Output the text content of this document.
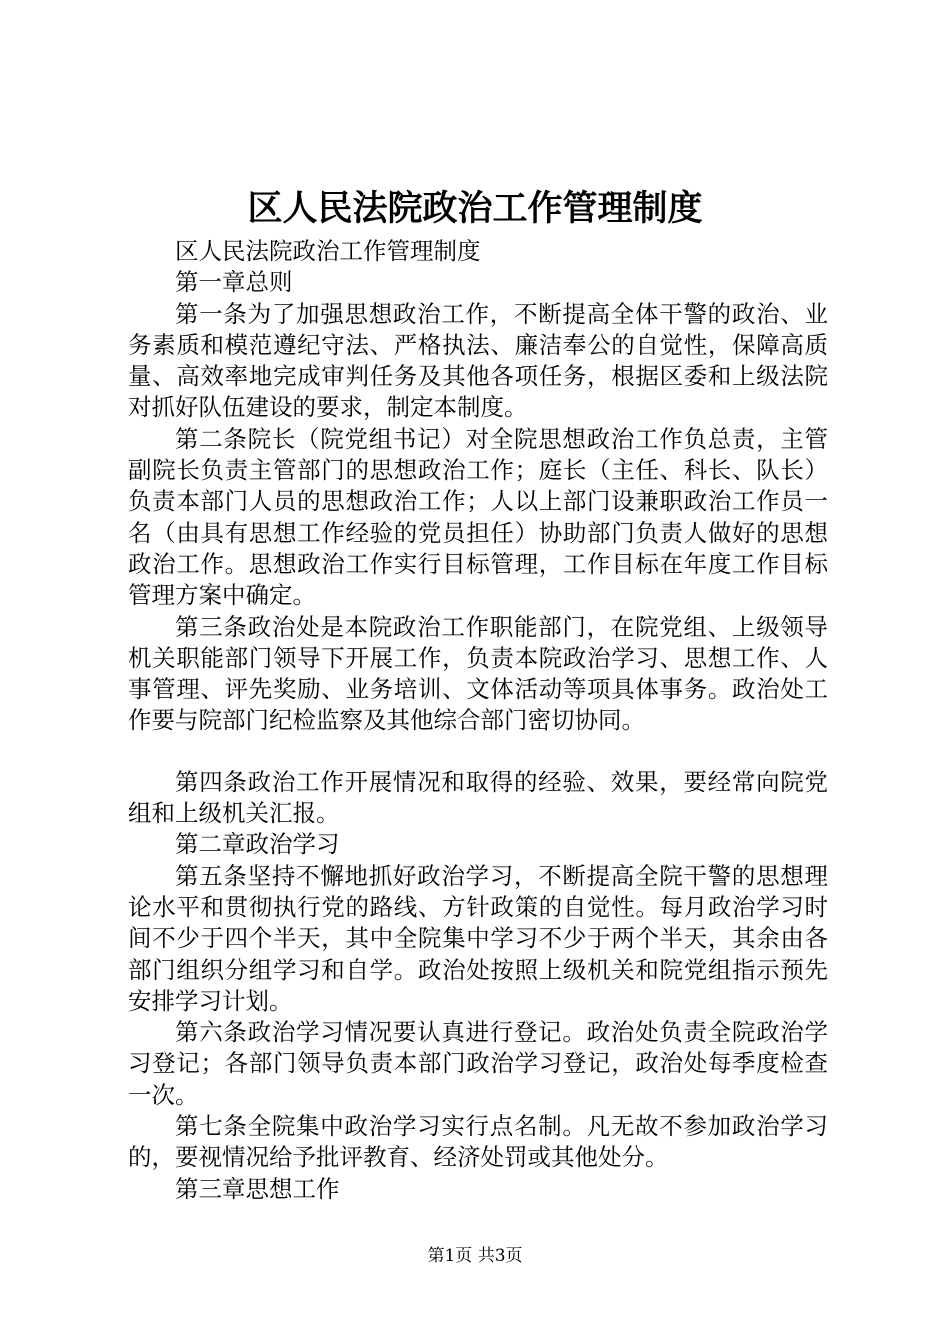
区人民法院政治工作管理制度

区人民法院政治工作管理制度

第一章总则

第一条为了加强思想政治工作，不断提高全体干警的政治、业务素质和模范遵纪守法、严格执法、廉洁奉公的自觉性，保障高质量、高效率地完成审判任务及其他各项任务，根据区委和上级法院对抓好队伍建设的要求，制定本制度。

第二条院长（院党组书记）对全院思想政治工作负总责，主管副院长负责主管部门的思想政治工作；庭长（主任、科长、队长）负责本部门人员的思想政治工作；人以上部门设兼职政治工作员一名（由具有思想工作经验的党员担任）协助部门负责人做好的思想政治工作。思想政治工作实行目标管理，工作目标在年度工作目标管理方案中确定。

第三条政治处是本院政治工作职能部门，在院党组、上级领导机关职能部门领导下开展工作，负责本院政治学习、思想工作、人事管理、评先奖励、业务培训、文体活动等项具体事务。政治处工作要与院部门纪检监察及其他综合部门密切协同。

第四条政治工作开展情况和取得的经验、效果，要经常向院党组和上级机关汇报。

第二章政治学习

第五条坚持不懈地抓好政治学习，不断提高全院干警的思想理论水平和贯彻执行党的路线、方针政策的自觉性。每月政治学习时间不少于四个半天，其中全院集中学习不少于两个半天，其余由各部门组织分组学习和自学。政治处按照上级机关和院党组指示预先安排学习计划。

第六条政治学习情况要认真进行登记。政治处负责全院政治学习登记；各部门领导负责本部门政治学习登记，政治处每季度检查一次。

第七条全院集中政治学习实行点名制。凡无故不参加政治学习的，要视情况给予批评教育、经济处罚或其他处分。

第三章思想工作

第1页 共3页
